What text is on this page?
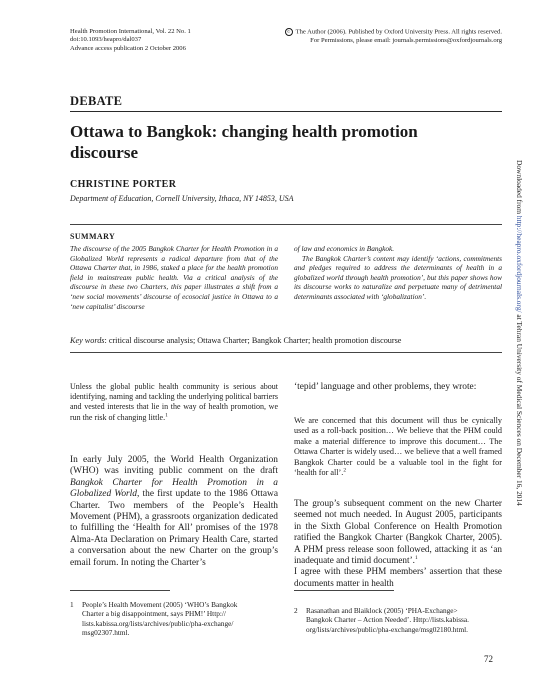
Health Promotion International, Vol. 22 No. 1
doi:10.1093/heapro/dal037
Advance access publication 2 October 2006
© The Author (2006). Published by Oxford University Press. All rights reserved.
For Permissions, please email: journals.permissions@oxfordjournals.org
DEBATE
Ottawa to Bangkok: changing health promotion discourse
CHRISTINE PORTER
Department of Education, Cornell University, Ithaca, NY 14853, USA
SUMMARY
The discourse of the 2005 Bangkok Charter for Health Promotion in a Globalized World represents a radical departure from that of the Ottawa Charter that, in 1986, staked a place for the health promotion field in mainstream public health. Via a critical analysis of the discourse in these two Charters, this paper illustrates a shift from a ‘new social movements’ discourse of ecosocial justice in Ottawa to a ‘new capitalist’ discourse
of law and economics in Bangkok.
The Bangkok Charter’s content may identify ‘actions, commitments and pledges required to address the determinants of health in a globalized world through health promotion’, but this paper shows how its discourse works to naturalize and perpetuate many of detrimental determinants associated with ‘globalization’.
Key words: critical discourse analysis; Ottawa Charter; Bangkok Charter; health promotion discourse
Unless the global public health community is serious about identifying, naming and tackling the underlying political barriers and vested interests that lie in the way of health promotion, we run the risk of changing little.$^1$
In early July 2005, the World Health Organization (WHO) was inviting public comment on the draft Bangkok Charter for Health Promotion in a Globalized World, the first update to the 1986 Ottawa Charter. Two members of the People’s Health Movement (PHM), a grassroots organization dedicated to fulfilling the ‘Health for All’ promises of the 1978 Alma-Ata Declaration on Primary Health Care, started a conversation about the new Charter on the group’s email forum. In noting the Charter’s
‘tepid’ language and other problems, they wrote:
We are concerned that this document will thus be cynically used as a roll-back position… We believe that the PHM could make a material difference to improve this document… The Ottawa Charter is widely used… we believe that a well framed Bangkok Charter could be a valuable tool in the fight for ‘health for all’.$^2$
The group’s subsequent comment on the new Charter seemed not much needed. In August 2005, participants in the Sixth Global Conference on Health Promotion ratified the Bangkok Charter (Bangkok Charter, 2005). A PHM press release soon followed, attacking it as ‘an inadequate and timid document’.$^1$
I agree with these PHM members’ assertion that these documents matter in health
1 People’s Health Movement (2005) ‘WHO’s Bangkok
Charter a big disappointment, says PHM!’ Http:// lists.kabissa.org/lists/archives/public/pha-exchange/ msg02307.html.
2 Rasanathan and Blaiklock (2005) ‘PHA-Exchange>
Bangkok Charter – Action Needed’. Http://lists.kabissa. org/lists/archives/public/pha-exchange/msg02180.html.
72
Downloaded from http://heapro.oxfordjournals.org/ at Tehran University of Medical Sciences on December 16, 2014
